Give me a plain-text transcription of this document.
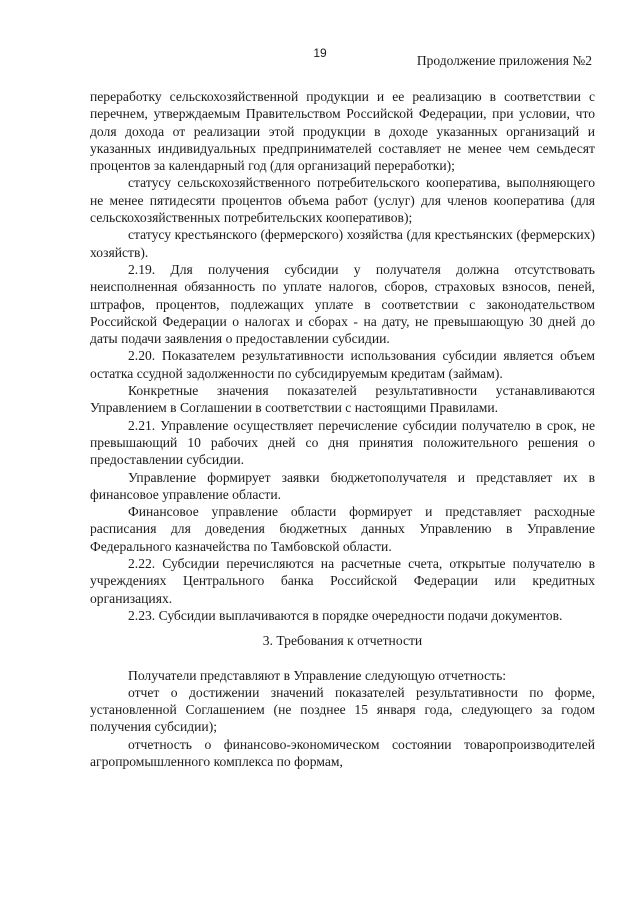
19	Продолжение приложения №2

переработку сельскохозяйственной продукции и ее реализацию в соответствии с перечнем, утверждаемым Правительством Российской Федерации, при условии, что доля дохода от реализации этой продукции в доходе указанных организаций и указанных индивидуальных предпринимателей составляет не менее чем семьдесят процентов за календарный год (для организаций переработки);

статусу сельскохозяйственного потребительского кооператива, выполняющего не менее пятидесяти процентов объема работ (услуг) для членов кооператива (для сельскохозяйственных потребительских кооперативов);

статусу крестьянского (фермерского) хозяйства (для крестьянских (фермерских) хозяйств).

2.19. Для получения субсидии у получателя должна отсутствовать неисполненная обязанность по уплате налогов, сборов, страховых взносов, пеней, штрафов, процентов, подлежащих уплате в соответствии с законодательством Российской Федерации о налогах и сборах - на дату, не превышающую 30 дней до даты подачи заявления о предоставлении субсидии.

2.20. Показателем результативности использования субсидии является объем остатка ссудной задолженности по субсидируемым кредитам (займам).

Конкретные значения показателей результативности устанавливаются Управлением в Соглашении в соответствии с настоящими Правилами.

2.21. Управление осуществляет перечисление субсидии получателю в срок, не превышающий 10 рабочих дней со дня принятия положительного решения о предоставлении субсидии.

Управление формирует заявки бюджетополучателя и представляет их в финансовое управление области.

Финансовое управление области формирует и представляет расходные расписания для доведения бюджетных данных Управлению в Управление Федерального казначейства по Тамбовской области.

2.22. Субсидии перечисляются на расчетные счета, открытые получателю в учреждениях Центрального банка Российской Федерации или кредитных организациях.

2.23. Субсидии выплачиваются в порядке очередности подачи документов.

3. Требования к отчетности

Получатели представляют в Управление следующую отчетность:

отчет о достижении значений показателей результативности по форме, установленной Соглашением (не позднее 15 января года, следующего за годом получения субсидии);

отчетность о финансово-экономическом состоянии товаропроизводителей агропромышленного комплекса по формам,
